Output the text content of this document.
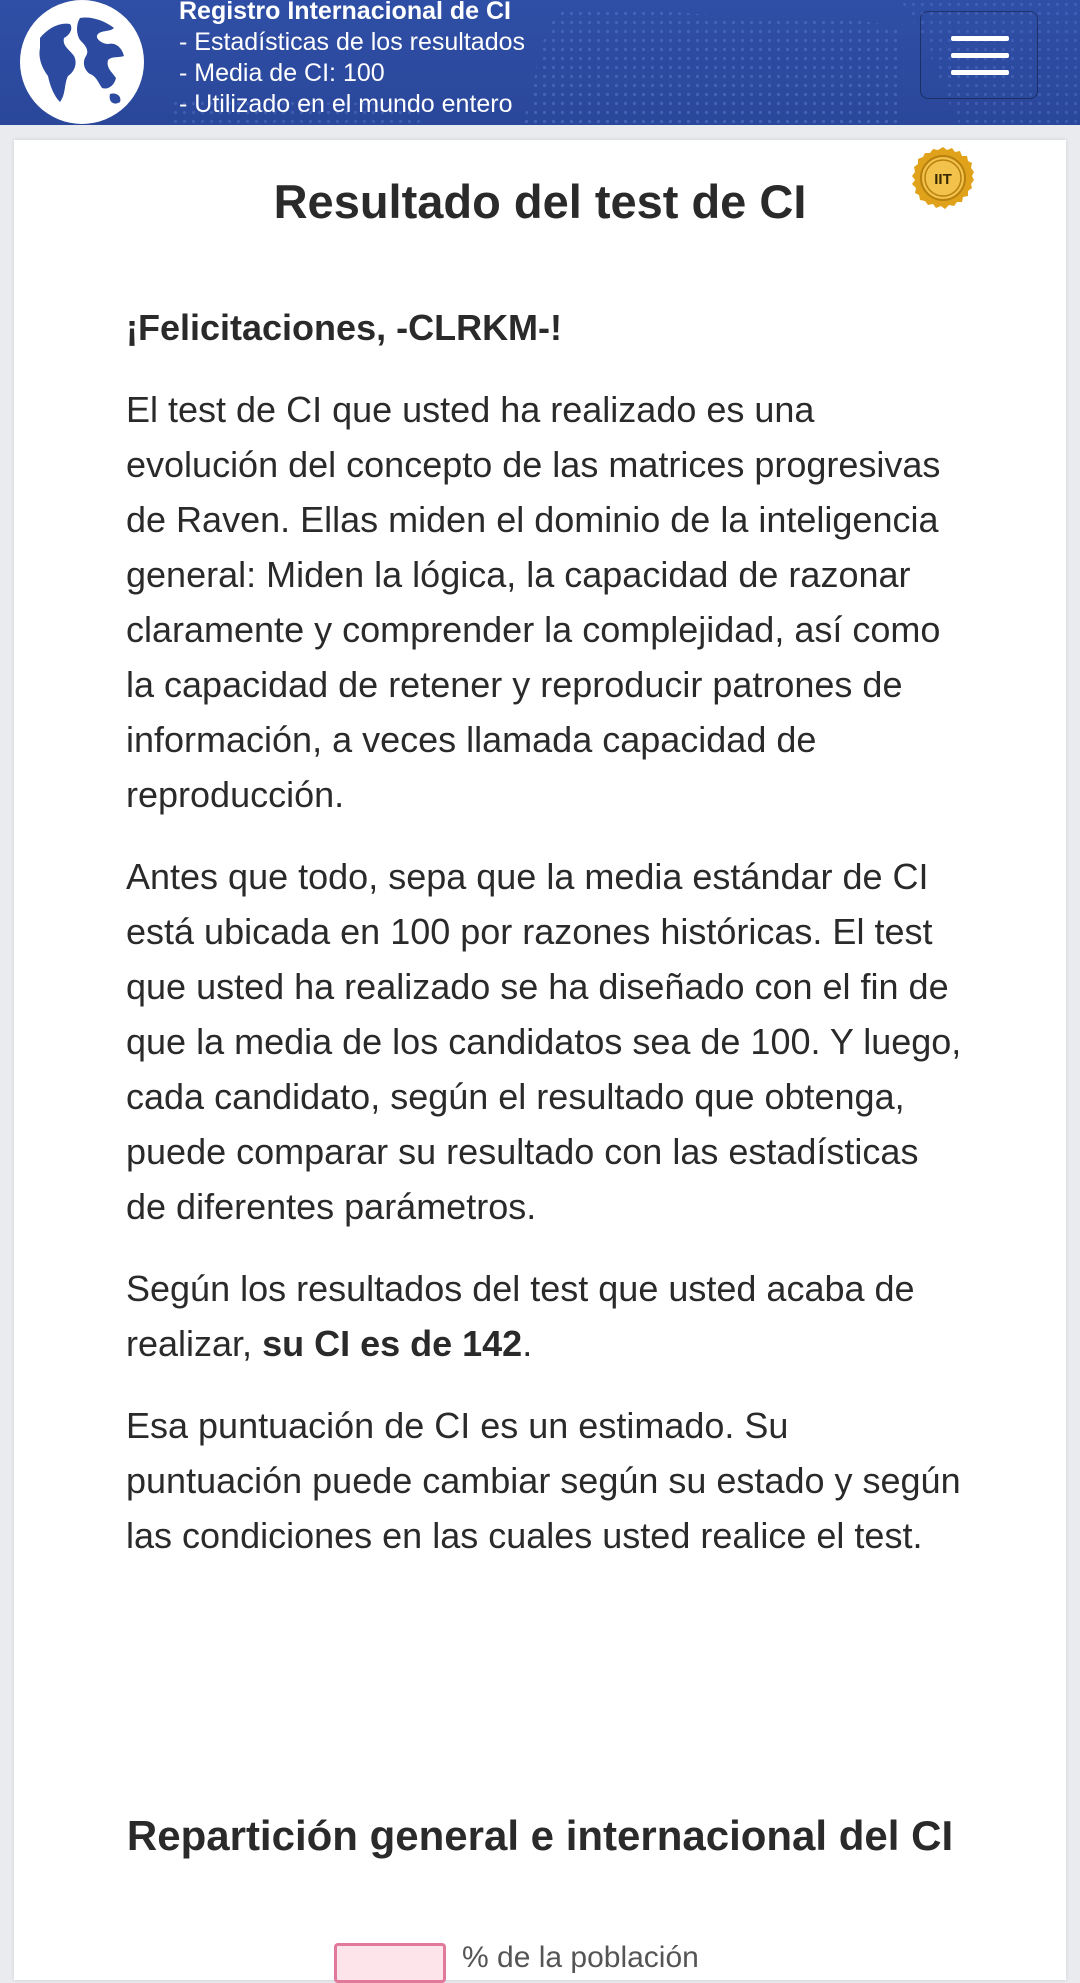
Registro Internacional de CI
- Estadísticas de los resultados
- Media de CI: 100
- Utilizado en el mundo entero
IIT
Resultado del test de CI

¡Felicitaciones, -CLRKM-!

El test de CI que usted ha realizado es una evolución del concepto de las matrices progresivas de Raven. Ellas miden el dominio de la inteligencia general: Miden la lógica, la capacidad de razonar claramente y comprender la complejidad, así como la capacidad de retener y reproducir patrones de información, a veces llamada capacidad de reproducción.

Antes que todo, sepa que la media estándar de CI está ubicada en 100 por razones históricas. El test que usted ha realizado se ha diseñado con el fin de que la media de los candidatos sea de 100. Y luego, cada candidato, según el resultado que obtenga, puede comparar su resultado con las estadísticas de diferentes parámetros.

Según los resultados del test que usted acaba de realizar, su CI es de 142.

Esa puntuación de CI es un estimado. Su puntuación puede cambiar según su estado y según las condiciones en las cuales usted realice el test.

Repartición general e internacional del CI
% de la población
